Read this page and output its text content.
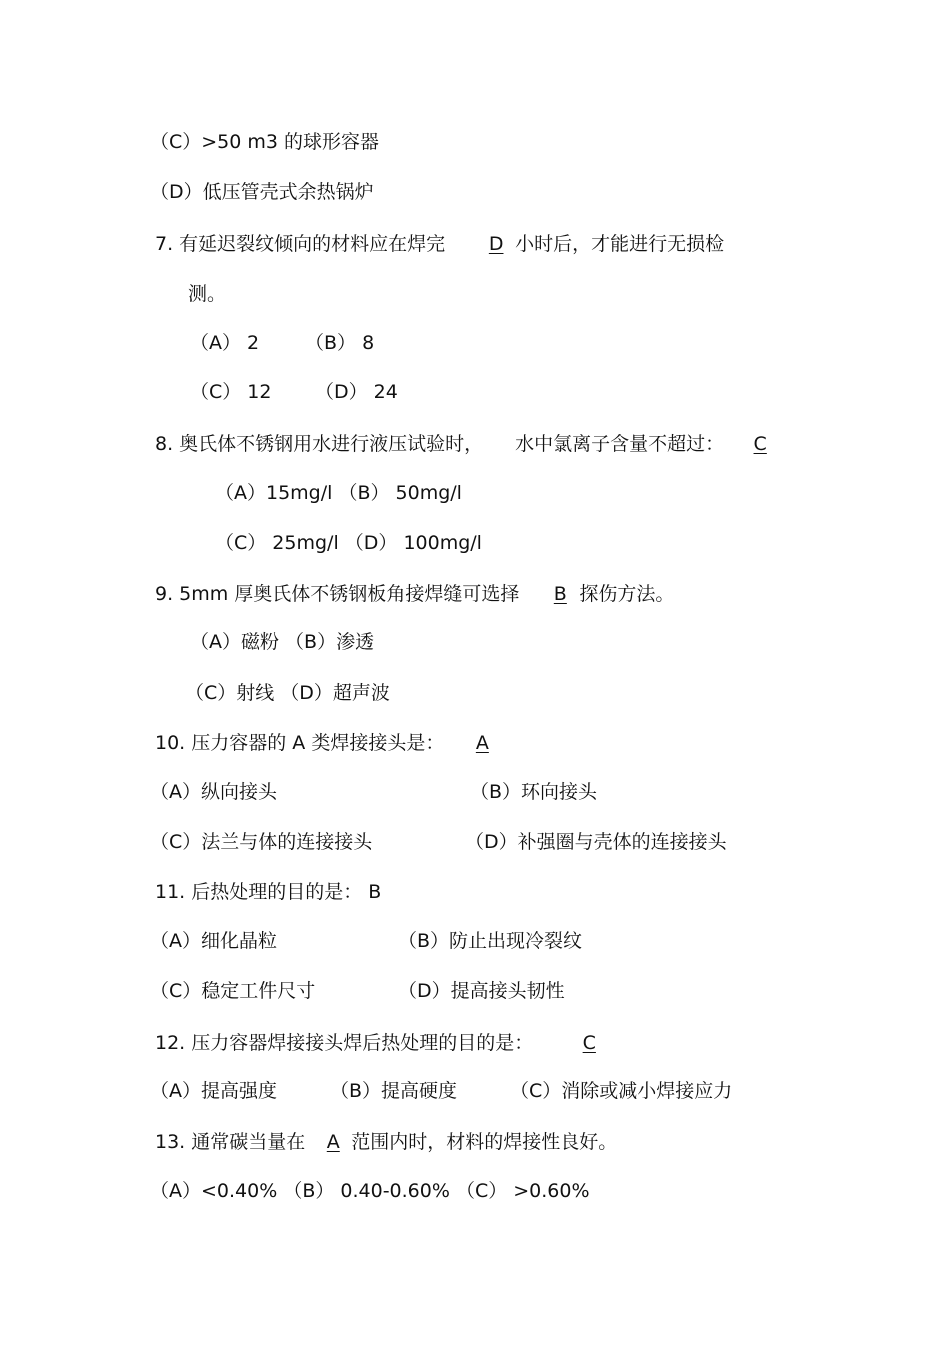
（C）>50 m3 的球形容器
（D）低压管壳式余热锅炉
7. 有延迟裂纹倾向的材料应在焊完 D 小时后，才能进行无损检
测。
（A） 2 （B） 8
（C） 12 （D） 24
8. 奥氏体不锈钢用水进行液压试验时， 水中氯离子含量不超过： C
（A）15mg/l （B） 50mg/l
（C） 25mg/l （D） 100mg/l
9. 5mm 厚奥氏体不锈钢板角接焊缝可选择 B 探伤方法。
（A）磁粉 （B）渗透
（C）射线 （D）超声波
10. 压力容器的 A 类焊接接头是： A
（A）纵向接头	（B）环向接头
（C）法兰与体的连接接头	（D）补强圈与壳体的连接接头
11. 后热处理的目的是： B
（A）细化晶粒	（B）防止出现冷裂纹
（C）稳定工件尺寸	（D）提高接头韧性
12. 压力容器焊接接头焊后热处理的目的是：	C
（A）提高强度	（B）提高硬度	（C）消除或减小焊接应力
13. 通常碳当量在 A 范围内时，材料的焊接性良好。
（A）<0.40% （B） 0.40-0.60% （C） >0.60%
